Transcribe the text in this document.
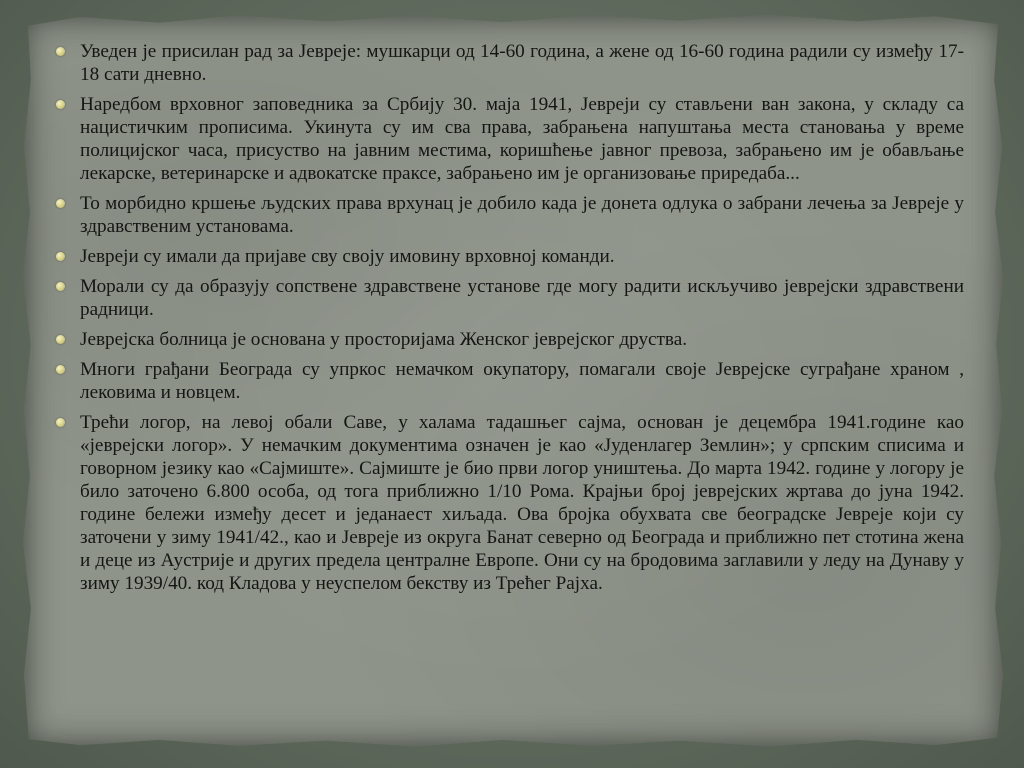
Уведен је присилан рад за Јевреје: мушкарци од 14-60 година, а жене од 16-60 година радили су између 17-18 сати дневно.
Наредбом врховног заповедника за Србију 30. маја 1941, Јевреји су стављени ван закона, у складу са нацистичким прописима. Укинута су им сва права, забрањена напуштања места становања у време полицијског часа, присуство на јавним местима, коришћење јавног превоза, забрањено им је обављање лекарске, ветеринарске и адвокатске праксе, забрањено им је организовање приредаба...
То морбидно кршење људских права врхунац је добило када је донета одлука о забрани лечења за Јевреје у здравственим установама.
Јевреји су имали да пријаве сву своју имовину врховној команди.
Морали су да образују сопствене здравствене установе где могу радити искључиво јеврејски здравствени радници.
Јеврејска болница је основана у просторијама Женског јеврејског друства.
Многи грађани Београда су упркос немачком окупатору, помагали своје Јеврејске суграђане храном , лековима и новцем.
Трећи логор, на левој обали Саве, у халама тадашњег сајма, основан је децембра 1941.године као «јеврејски логор». У немачким документима означен је као «Јуденлагер Землин»; у српским списима и говорном језику као «Сајмиште». Сајмиште је био први логор уништења. До марта 1942. године у логору је било заточено 6.800 особа, од тога приближно 1/10 Рома. Крајњи број јеврејских жртава до јуна 1942. године бележи између десет и једанаест хиљада. Ова бројка обухвата све београдске Јевреје који су заточени у зиму 1941/42., као и Јевреје из округа Банат северно од Београда и приближно пет стотина жена и деце из Аустрије и других предела централне Европе. Они су на бродовима заглавили у леду на Дунаву у зиму 1939/40. код Кладова у неуспелом бекству из Трећег Рајха.
